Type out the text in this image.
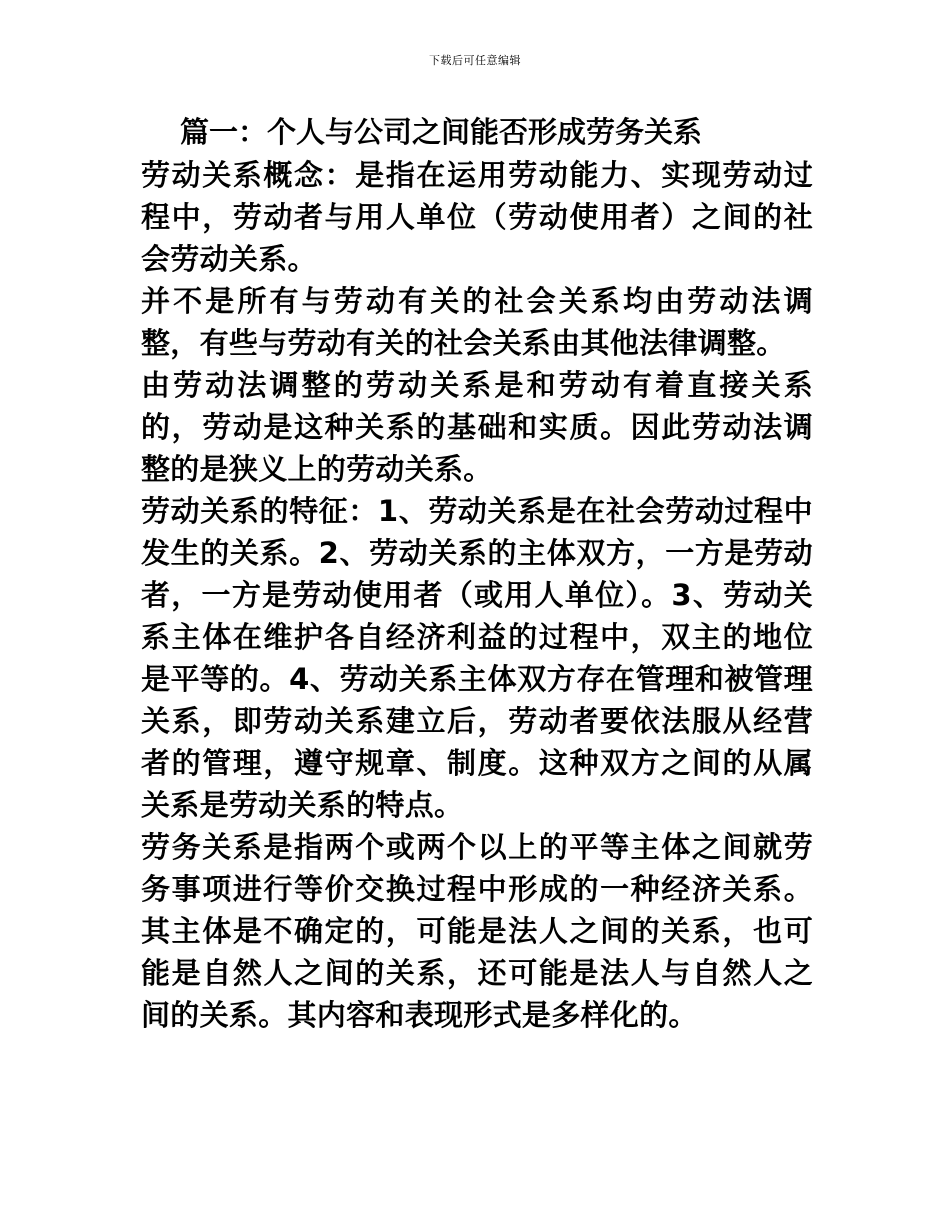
下载后可任意编辑
篇一：个人与公司之间能否形成劳务关系

劳动关系概念：是指在运用劳动能力、实现劳动过程中，劳动者与用人单位（劳动使用者）之间的社会劳动关系。

并不是所有与劳动有关的社会关系均由劳动法调整，有些与劳动有关的社会关系由其他法律调整。

由劳动法调整的劳动关系是和劳动有着直接关系的，劳动是这种关系的基础和实质。因此劳动法调整的是狭义上的劳动关系。

劳动关系的特征：1、劳动关系是在社会劳动过程中发生的关系。2、劳动关系的主体双方，一方是劳动者，一方是劳动使用者（或用人单位）。3、劳动关系主体在维护各自经济利益的过程中，双主的地位是平等的。4、劳动关系主体双方存在管理和被管理关系，即劳动关系建立后，劳动者要依法服从经营者的管理，遵守规章、制度。这种双方之间的从属关系是劳动关系的特点。

劳务关系是指两个或两个以上的平等主体之间就劳务事项进行等价交换过程中形成的一种经济关系。其主体是不确定的，可能是法人之间的关系，也可能是自然人之间的关系，还可能是法人与自然人之间的关系。其内容和表现形式是多样化的。
